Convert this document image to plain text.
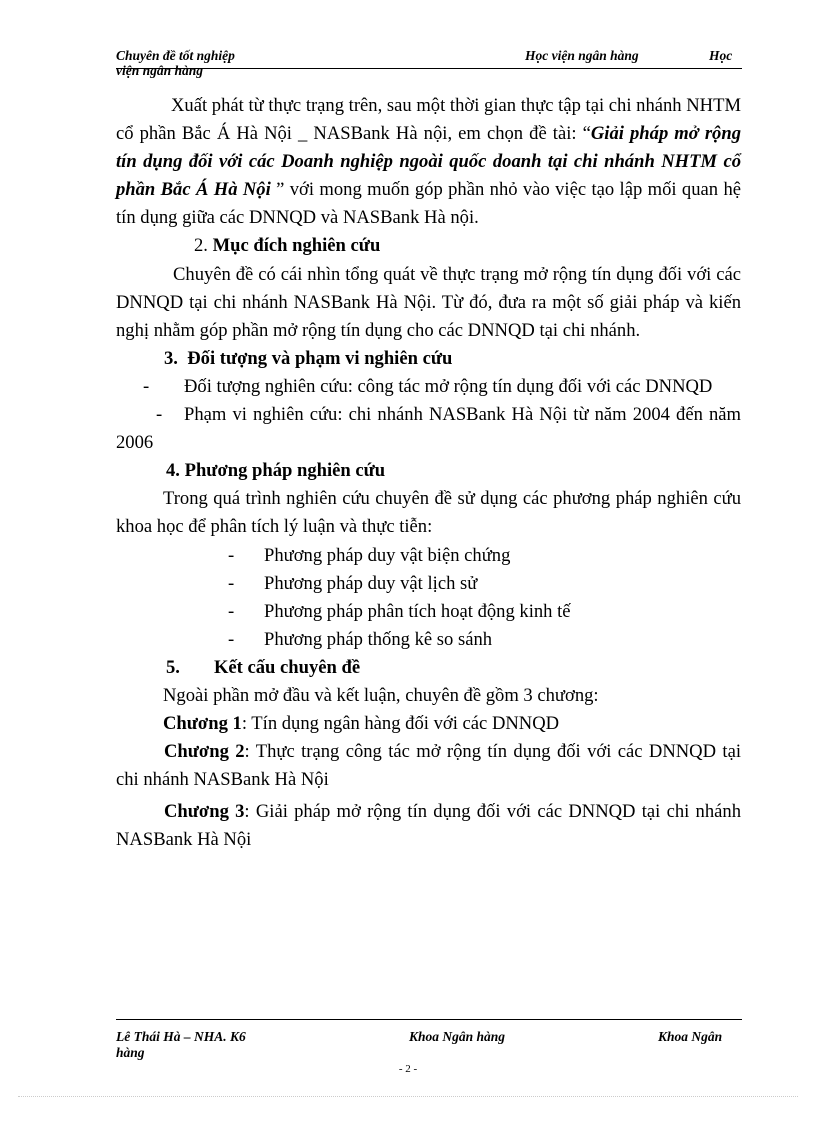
Chuyên đề tốt nghiệp	Học viện ngân hàng	Học
viện ngân hàng

Xuất phát từ thực trạng trên, sau một thời gian thực tập tại chi nhánh NHTM cổ phần Bắc Á Hà Nội _ NASBank Hà nội, em chọn đề tài: “Giải pháp mở rộng tín dụng đối với các Doanh nghiệp ngoài quốc doanh tại chi nhánh NHTM cổ phần Bắc Á Hà Nội ” với mong muốn góp phần nhỏ vào việc tạo lập mối quan hệ tín dụng giữa các DNNQD và NASBank Hà nội.

2. Mục đích nghiên cứu

Chuyên đề có cái nhìn tổng quát về thực trạng mở rộng tín dụng đối với các DNNQD tại chi nhánh NASBank Hà Nội. Từ đó, đưa ra một số giải pháp và kiến nghị nhằm góp phần mở rộng tín dụng cho các DNNQD tại chi nhánh.

3. Đối tượng và phạm vi nghiên cứu

- Đối tượng nghiên cứu: công tác mở rộng tín dụng đối với các DNNQD

- Phạm vi nghiên cứu: chi nhánh NASBank Hà Nội từ năm 2004 đến năm 2006

4. Phương pháp nghiên cứu

Trong quá trình nghiên cứu chuyên đề sử dụng các phương pháp nghiên cứu khoa học để phân tích lý luận và thực tiễn:

- Phương pháp duy vật biện chứng

- Phương pháp duy vật lịch sử

- Phương pháp phân tích hoạt động kinh tế

- Phương pháp thống kê so sánh

5. Kết cấu chuyên đề

Ngoài phần mở đầu và kết luận, chuyên đề gồm 3 chương:

Chương 1: Tín dụng ngân hàng đối với các DNNQD

Chương 2: Thực trạng công tác mở rộng tín dụng đối với các DNNQD tại chi nhánh NASBank Hà Nội

Chương 3: Giải pháp mở rộng tín dụng đối với các DNNQD tại chi nhánh NASBank Hà Nội

Lê Thái Hà – NHA. K6	Khoa Ngân hàng	Khoa Ngân
hàng
- 2 -
